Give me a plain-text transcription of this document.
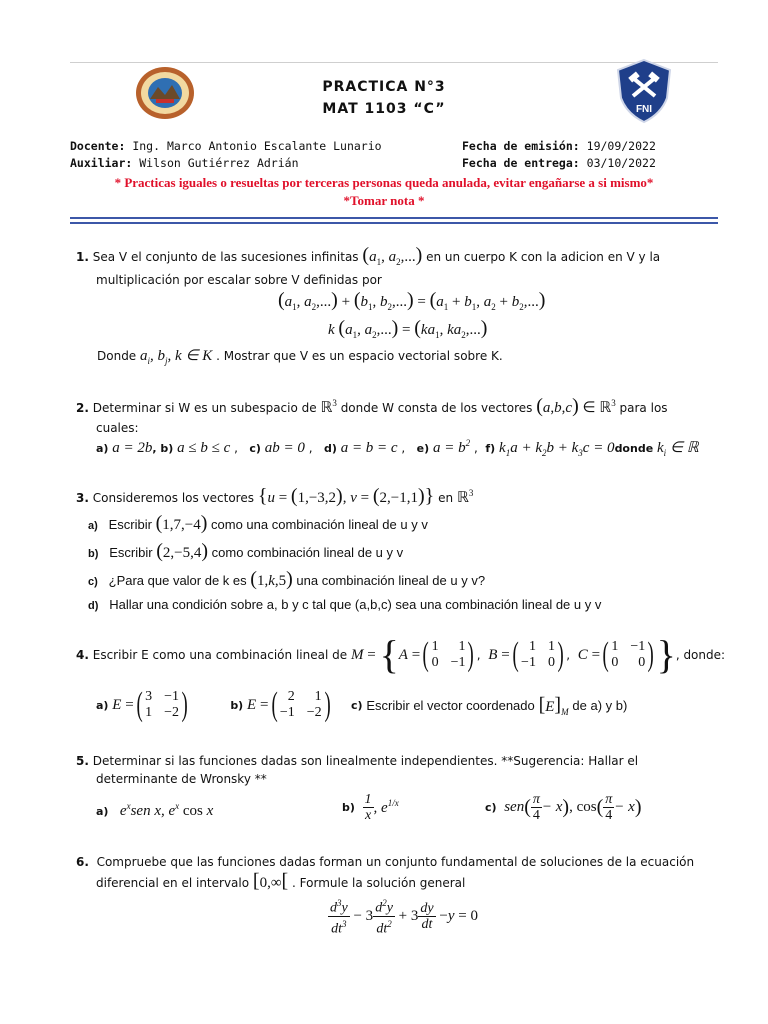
FNI
PRACTICA N°3
MAT 1103 “C”
Docente: Ing. Marco Antonio Escalante Lunario
Auxiliar: Wilson Gutiérrez Adrián
Fecha de emisión: 19/09/2022
Fecha de entrega: 03/10/2022
* Practicas iguales o resueltas por terceras personas queda anulada, evitar engañarse a si mismo*
*Tomar nota *
1. Sea V el conjunto de las sucesiones infinitas ($a_1$, $a_2$,...) en un cuerpo K con la adicion en V y la
multiplicación por escalar sobre V definidas por
($a_1$, $a_2,...) + (b_1$, $b_2,...) = (a_1 + b_1$, $a_2 + b_2$,...)
k ($a_1$, $a_2,...) = (ka_1$, $ka_2$,...)
Donde $a_i$, $b_j$, k ∈ K . Mostrar que V es un espacio vectorial sobre K.
2. Determinar si W es un subespacio de ℝ$^3$ donde W consta de los vectores (a,b,c) ∈ ℝ$^3$ para los
cuales:
a) a = 2b, b) a ≤ b ≤ c ,   c) ab = 0 ,   d) a = b = c ,   e) $a = b^2$ ,  f) $k_1a + k_2b + k_3c$ = 0donde $k_i$ ∈ ℝ
3. Consideremos los vectores {u = (1,−3,2), v = (2,−1,1)} en ℝ$^3$
a) Escribir (1,7,−4) como una combinación lineal de u y v
b) Escribir (2,−5,4) como combinación lineal de u y v
c) ¿Para que valor de k es (1,k,5) una combinación lineal de u y v?
d) Hallar una condición sobre a, b y c tal que (a,b,c) sea una combinación lineal de u y v
4.
Escribir E como una combinación lineal de
M
=
{ A
= ( 1	1
0 −1 ) , B
= ( 1 1
−1 0 ) , C
= ( 1 −1
0	0 ) } , donde:
a)
E
= ( 3 −1
1 −2 )	b)
E
= ( 2	1
−1 −2 ) c)
Escribir el vector coordenado
$[E]_M$
de a) y b)
5. Determinar si las funciones dadas son linealmente independientes. **Sugerencia: Hallar el
determinante de Wronsky **
a) $e^xsen$ x, $e^x$ cos x	b)
$\frac{1}{x}$ , $e^{1/x}$	c)
sen ( $\frac{\pi}{4} - x$ ) , cos ( $\frac{\pi}{4} - x$ )
6. Compruebe que las funciones dadas forman un conjunto fundamental de soluciones de la ecuación
diferencial en el intervalo [0,∞[ . Formule la solución general
$\frac{d^3y}{dt^3} - 3 \frac{d^2y}{dt^2} + 3 \frac{dy}{dt} - y = 0$
